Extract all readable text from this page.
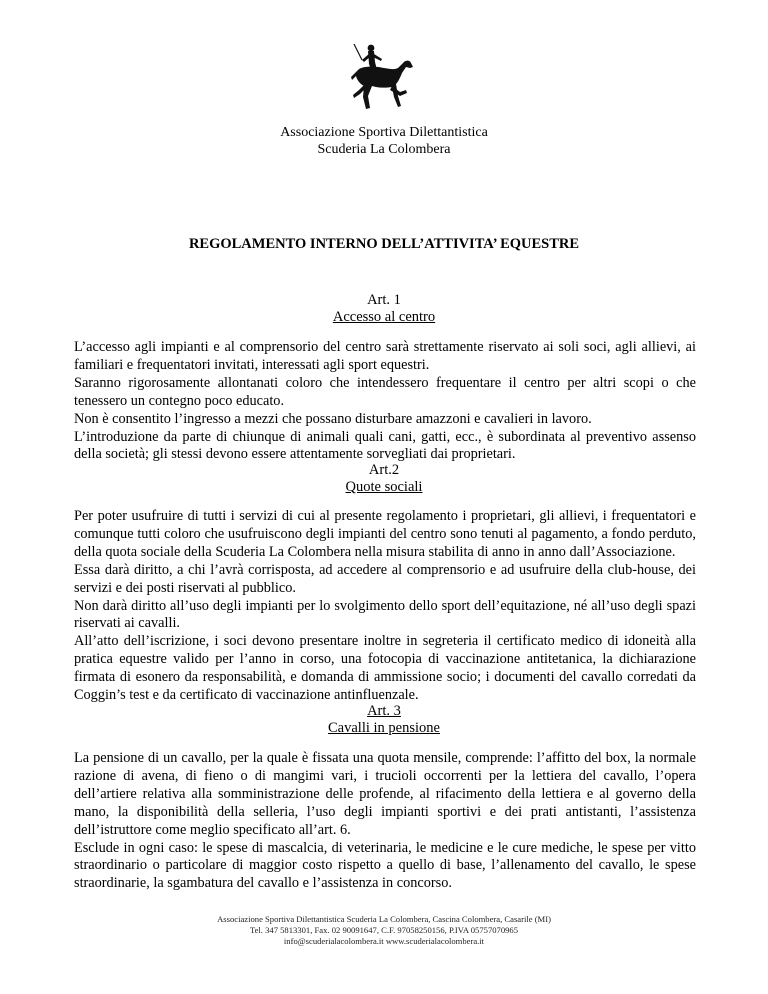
Associazione Sportiva Dilettantistica
Scuderia La Colombera
REGOLAMENTO INTERNO DELL’ATTIVITA’ EQUESTRE
Art. 1
Accesso al centro
L’accesso agli impianti e al comprensorio del centro sarà strettamente riservato ai soli soci, agli allievi, ai familiari e frequentatori invitati, interessati agli sport equestri.
Saranno rigorosamente allontanati coloro che intendessero frequentare il centro per altri scopi o che tenessero un contegno poco educato.
Non è consentito l’ingresso a mezzi che possano disturbare amazzoni e cavalieri in lavoro.
L’introduzione da parte di chiunque di animali quali cani, gatti, ecc., è subordinata al preventivo assenso della società; gli stessi devono essere attentamente sorvegliati dai proprietari.
Art.2
Quote sociali
Per poter usufruire di tutti i servizi di cui al presente regolamento i proprietari, gli allievi, i frequentatori e comunque tutti coloro che usufruiscono degli impianti del centro sono tenuti al pagamento, a fondo perduto, della quota sociale della Scuderia La Colombera nella misura stabilita di anno in anno dall’Associazione.
Essa darà diritto, a chi l’avrà corrisposta, ad accedere al comprensorio e ad usufruire della club-house, dei servizi e dei posti riservati al pubblico.
Non darà diritto all’uso degli impianti per lo svolgimento dello sport dell’equitazione, né all’uso degli spazi riservati ai cavalli.
All’atto dell’iscrizione, i soci devono presentare inoltre in segreteria il certificato medico di idoneità alla pratica equestre valido per l’anno in corso, una fotocopia di vaccinazione antitetanica, la dichiarazione firmata di esonero da responsabilità, e domanda di ammissione socio; i documenti del cavallo corredati da Coggin’s test e da certificato di vaccinazione antinfluenzale.
Art. 3
Cavalli in pensione
La pensione di un cavallo, per la quale è fissata una quota mensile, comprende: l’affitto del box, la normale razione di avena, di fieno o di mangimi vari, i trucioli occorrenti per la lettiera del cavallo, l’opera dell’artiere relativa alla somministrazione delle profende, al rifacimento della lettiera e al governo della mano, la disponibilità della selleria, l’uso degli impianti sportivi e dei prati antistanti, l’assistenza dell’istruttore come meglio specificato all’art. 6.
Esclude in ogni caso: le spese di mascalcia, di veterinaria, le medicine e le cure mediche, le spese per vitto straordinario o particolare di maggior costo rispetto a quello di base, l’allenamento del cavallo, le spese straordinarie, la sgambatura del cavallo e l’assistenza in concorso.
Associazione Sportiva Dilettantistica Scuderia La Colombera, Cascina Colombera, Casarile (MI)
Tel. 347 5813301, Fax. 02 90091647, C.F. 97058250156, P.IVA 05757070965
info@scuderialacolombera.it www.scuderialacolombera.it
